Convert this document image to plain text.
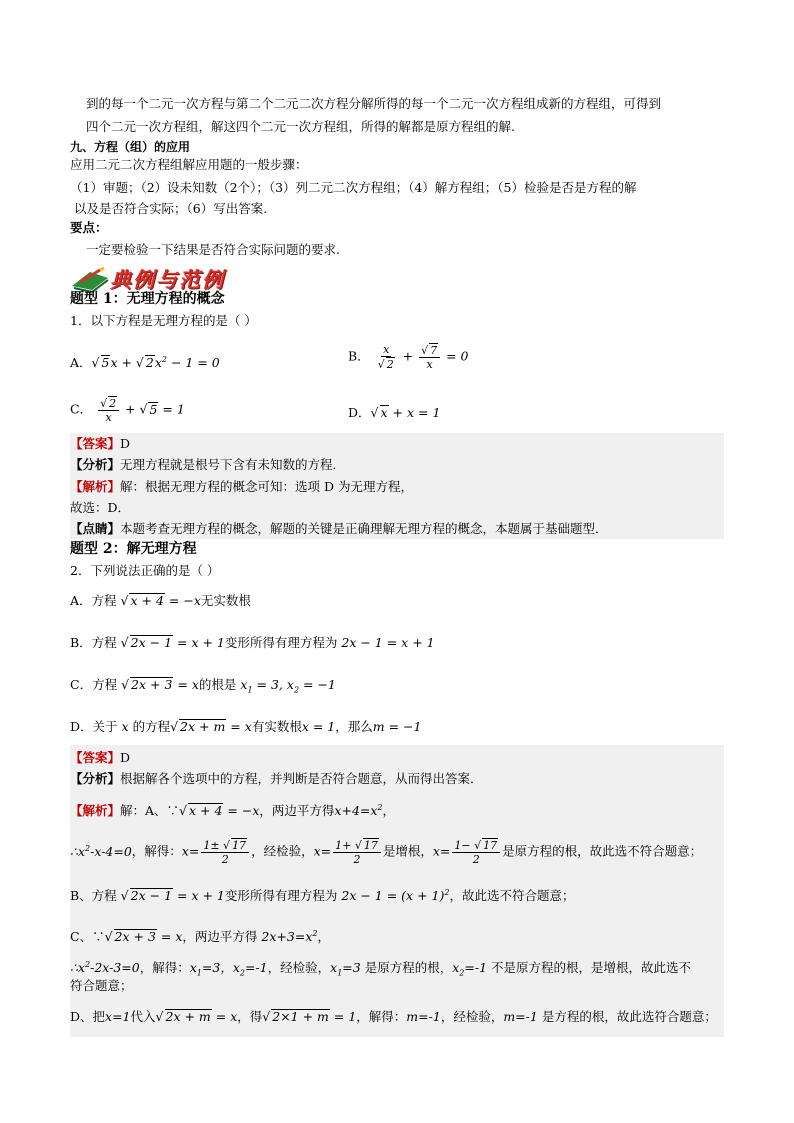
到的每一个二元一次方程与第二个二元二次方程分解所得的每一个二元一次方程组成新的方程组，可得到
四个二元一次方程组，解这四个二元一次方程组，所得的解都是原方程组的解.
九、方程（组）的应用
应用二元二次方程组解应用题的一般步骤：
（1）审题；（2）设未知数（2个）；（3）列二元二次方程组；（4）解方程组；（5）检验是否是方程的解
以及是否符合实际；（6）写出答案.
要点：
一定要检验一下结果是否符合实际问题的要求.
典例与范例
题型 1：无理方程的概念
1．以下方程是无理方程的是（ ）
A．√ 5x + √ $2x^2 - 1 = 0$	B． $\frac{x}{√ 2} + \frac{√ 7}{x} = 0$
C． $\frac{√ 2}{x}$ + √ 5 = 1	D．√ x + x = 1
【答案】D
【分析】无理方程就是根号下含有未知数的方程．
【解析】解：根据无理方程的概念可知：选项 D 为无理方程，
故选：D．
【点睛】本题考查无理方程的概念，解题的关键是正确理解无理方程的概念，本题属于基础题型．
题型 2：解无理方程
2．下列说法正确的是（ ）
A．方程 √ x + 4 = −x无实数根
B．方程 √ 2x − 1 = x + 1变形所得有理方程为 2x − 1 = x + 1
C．方程 √ 2x + 3 = x的根是 $x_1 = 3$, $x_2 = -1$
D．关于 x 的方程√ 2x + m = x有实数根x = 1，那么m = −1
【答案】D
【分析】根据解各个选项中的方程，并判断是否符合题意，从而得出答案．
【解析】解：A、∵√ x + 4 = −x，两边平方得$x+4=x^2$，
$\therefore x^2-x-4=0$，解得：$x= \frac{1\pm √ 17}{2}$ ，经检验，$x= \frac{1+ √ 17}{2}$ 是增根，$x= \frac{1- √ 17}{2}$ 是原方程的根，故此选不符合题意；
B、方程 √ 2x − 1 = x + 1变形所得有理方程为 $2x - 1 = (x + 1)^2$，故此选不符合题意；
C、∵√ 2x + 3 = x，两边平方得 $2x+3=x^2$，
$\therefore x^2-2x-3=0$，解得：$x_1=3$，$x_2=-1$，经检验，$x_1=3$ 是原方程的根，$x_2=-1$ 不是原方程的根，是增根，故此选不
符合题意；
D、把x=1代入√ 2x + m = x，得√ 2×1 + m = 1，解得：m=-1，经检验，m=-1 是方程的根，故此选符合题意；
